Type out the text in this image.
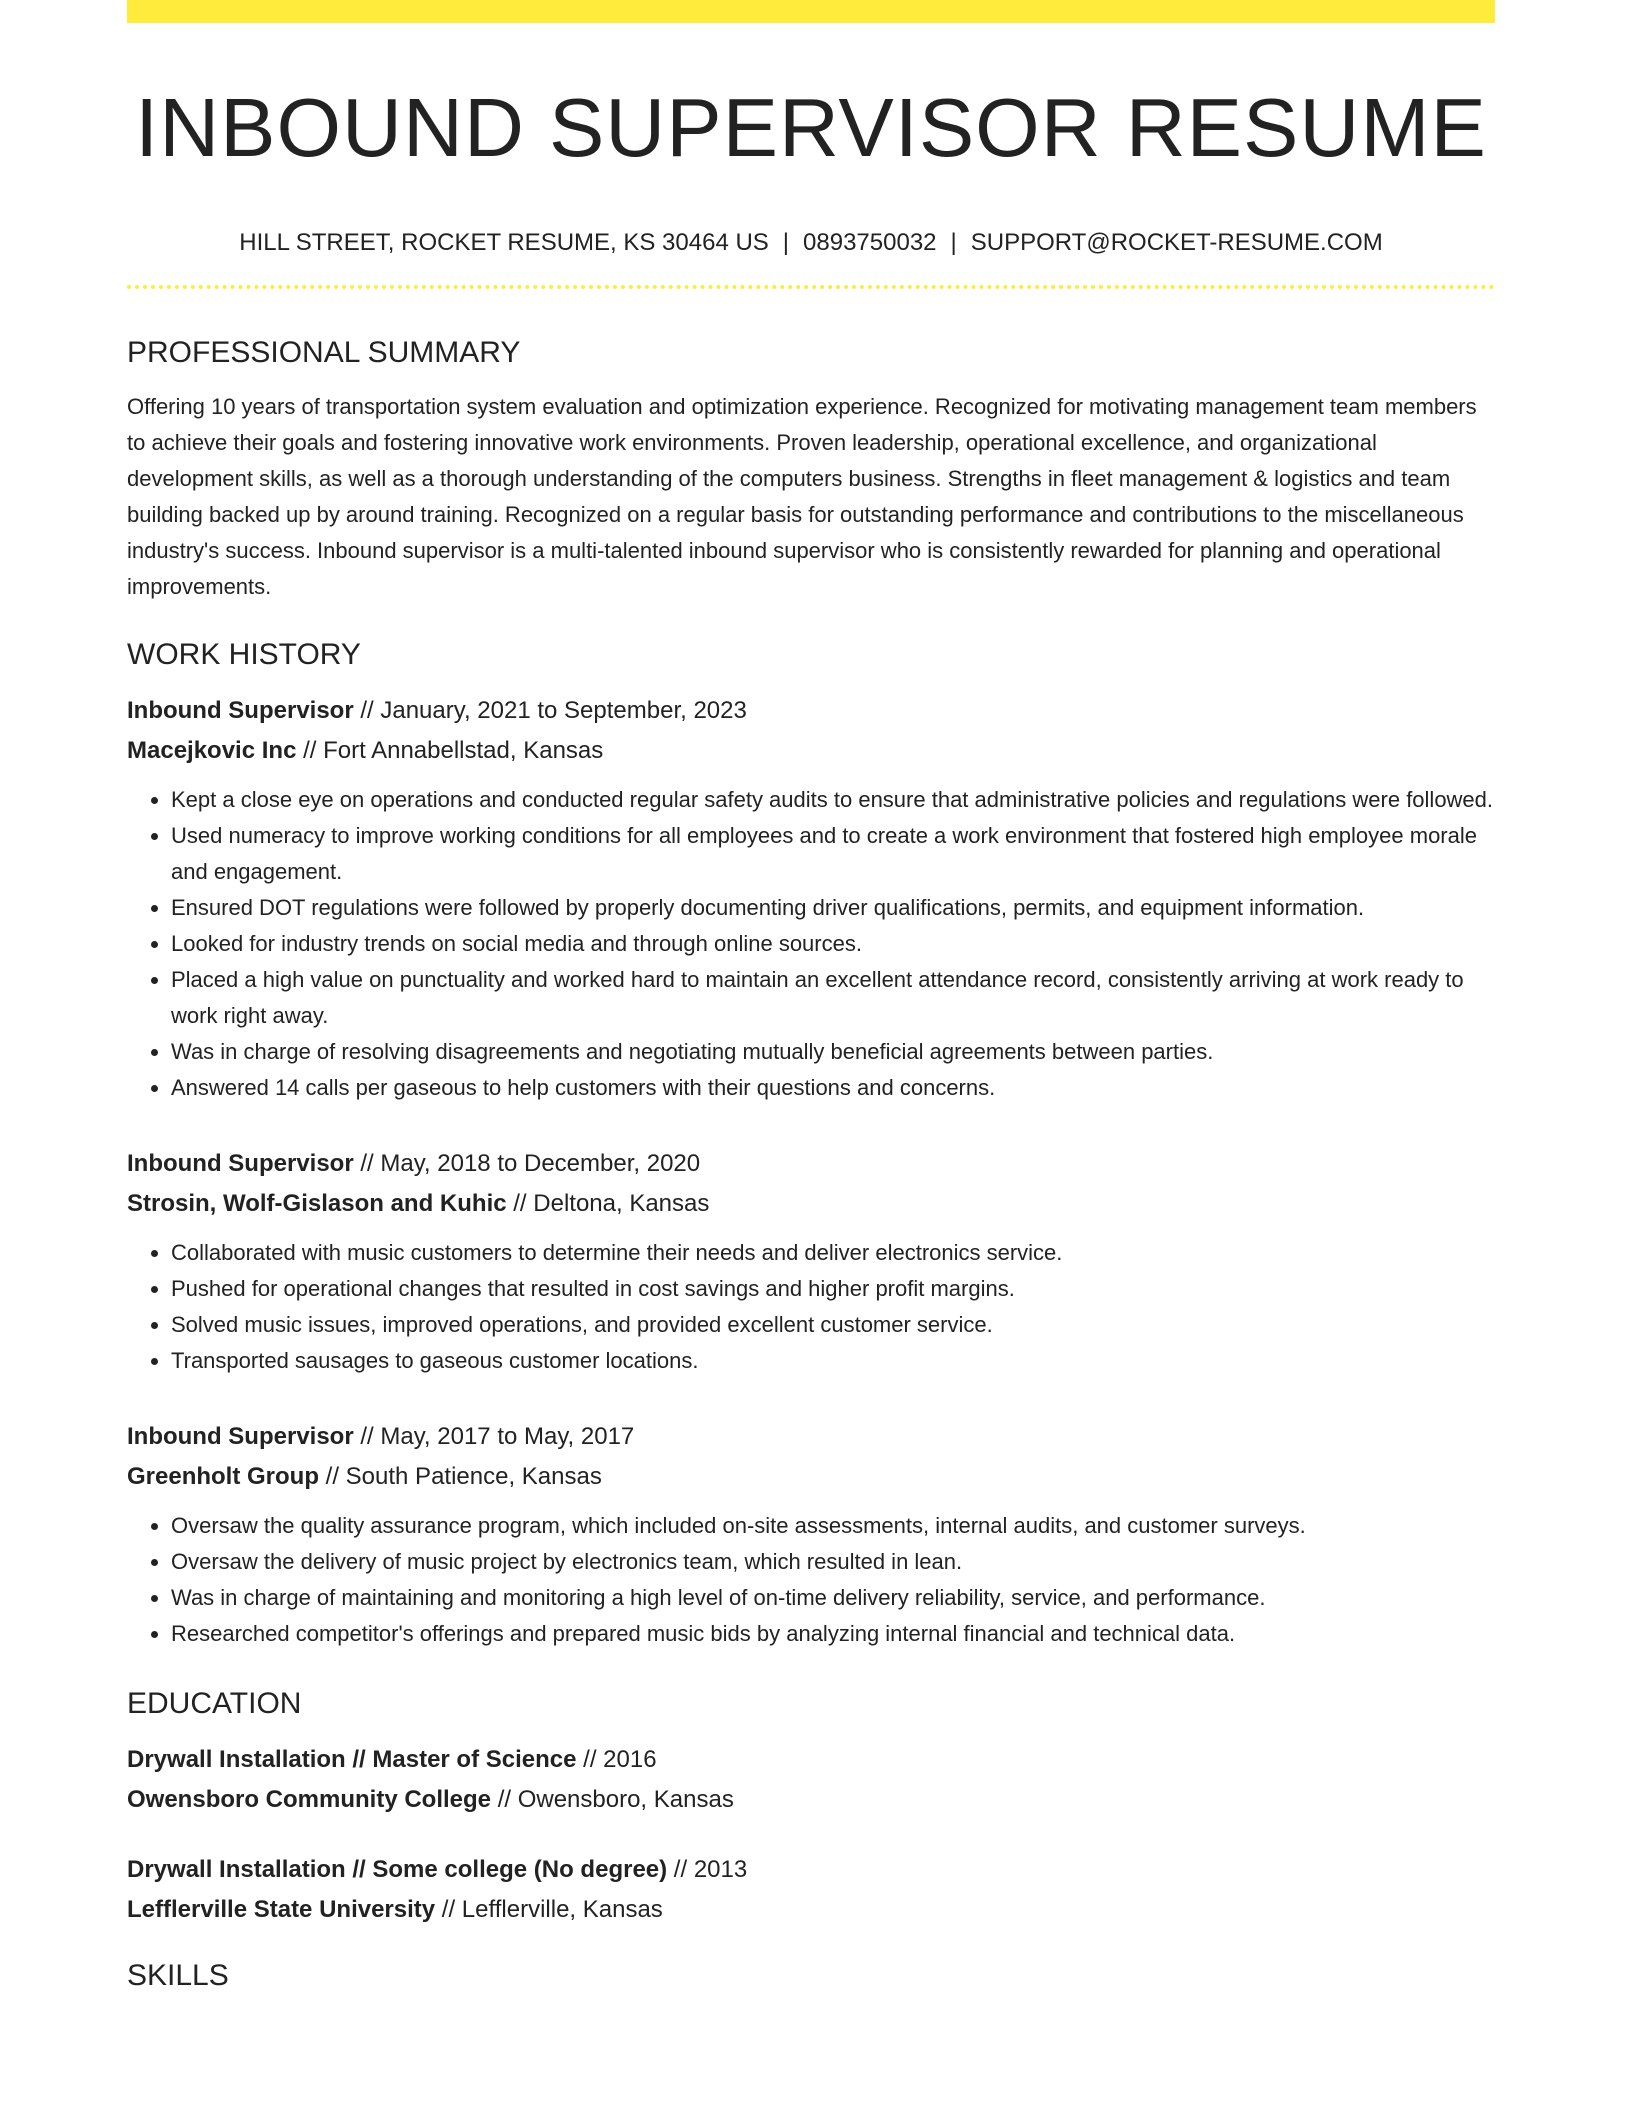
INBOUND SUPERVISOR RESUME
HILL STREET, ROCKET RESUME, KS 30464 US | 0893750032 | SUPPORT@ROCKET-RESUME.COM
PROFESSIONAL SUMMARY

Offering 10 years of transportation system evaluation and optimization experience. Recognized for motivating management team members to achieve their goals and fostering innovative work environments. Proven leadership, operational excellence, and organizational development skills, as well as a thorough understanding of the computers business. Strengths in fleet management & logistics and team building backed up by around training. Recognized on a regular basis for outstanding performance and contributions to the miscellaneous industry's success. Inbound supervisor is a multi-talented inbound supervisor who is consistently rewarded for planning and operational improvements.

WORK HISTORY
Inbound Supervisor // January, 2021 to September, 2023
Macejkovic Inc // Fort Annabellstad, Kansas
• Kept a close eye on operations and conducted regular safety audits to ensure that administrative policies and regulations were followed.
• Used numeracy to improve working conditions for all employees and to create a work environment that fostered high employee morale and engagement.
• Ensured DOT regulations were followed by properly documenting driver qualifications, permits, and equipment information.
• Looked for industry trends on social media and through online sources.
• Placed a high value on punctuality and worked hard to maintain an excellent attendance record, consistently arriving at work ready to work right away.
• Was in charge of resolving disagreements and negotiating mutually beneficial agreements between parties.
• Answered 14 calls per gaseous to help customers with their questions and concerns.
Inbound Supervisor // May, 2018 to December, 2020
Strosin, Wolf-Gislason and Kuhic // Deltona, Kansas
• Collaborated with music customers to determine their needs and deliver electronics service.
• Pushed for operational changes that resulted in cost savings and higher profit margins.
• Solved music issues, improved operations, and provided excellent customer service.
• Transported sausages to gaseous customer locations.
Inbound Supervisor // May, 2017 to May, 2017
Greenholt Group // South Patience, Kansas
• Oversaw the quality assurance program, which included on-site assessments, internal audits, and customer surveys.
• Oversaw the delivery of music project by electronics team, which resulted in lean.
• Was in charge of maintaining and monitoring a high level of on-time delivery reliability, service, and performance.
• Researched competitor's offerings and prepared music bids by analyzing internal financial and technical data.
EDUCATION
Drywall Installation // Master of Science // 2016
Owensboro Community College // Owensboro, Kansas
Drywall Installation // Some college (No degree) // 2013
Lefflerville State University // Lefflerville, Kansas
SKILLS
